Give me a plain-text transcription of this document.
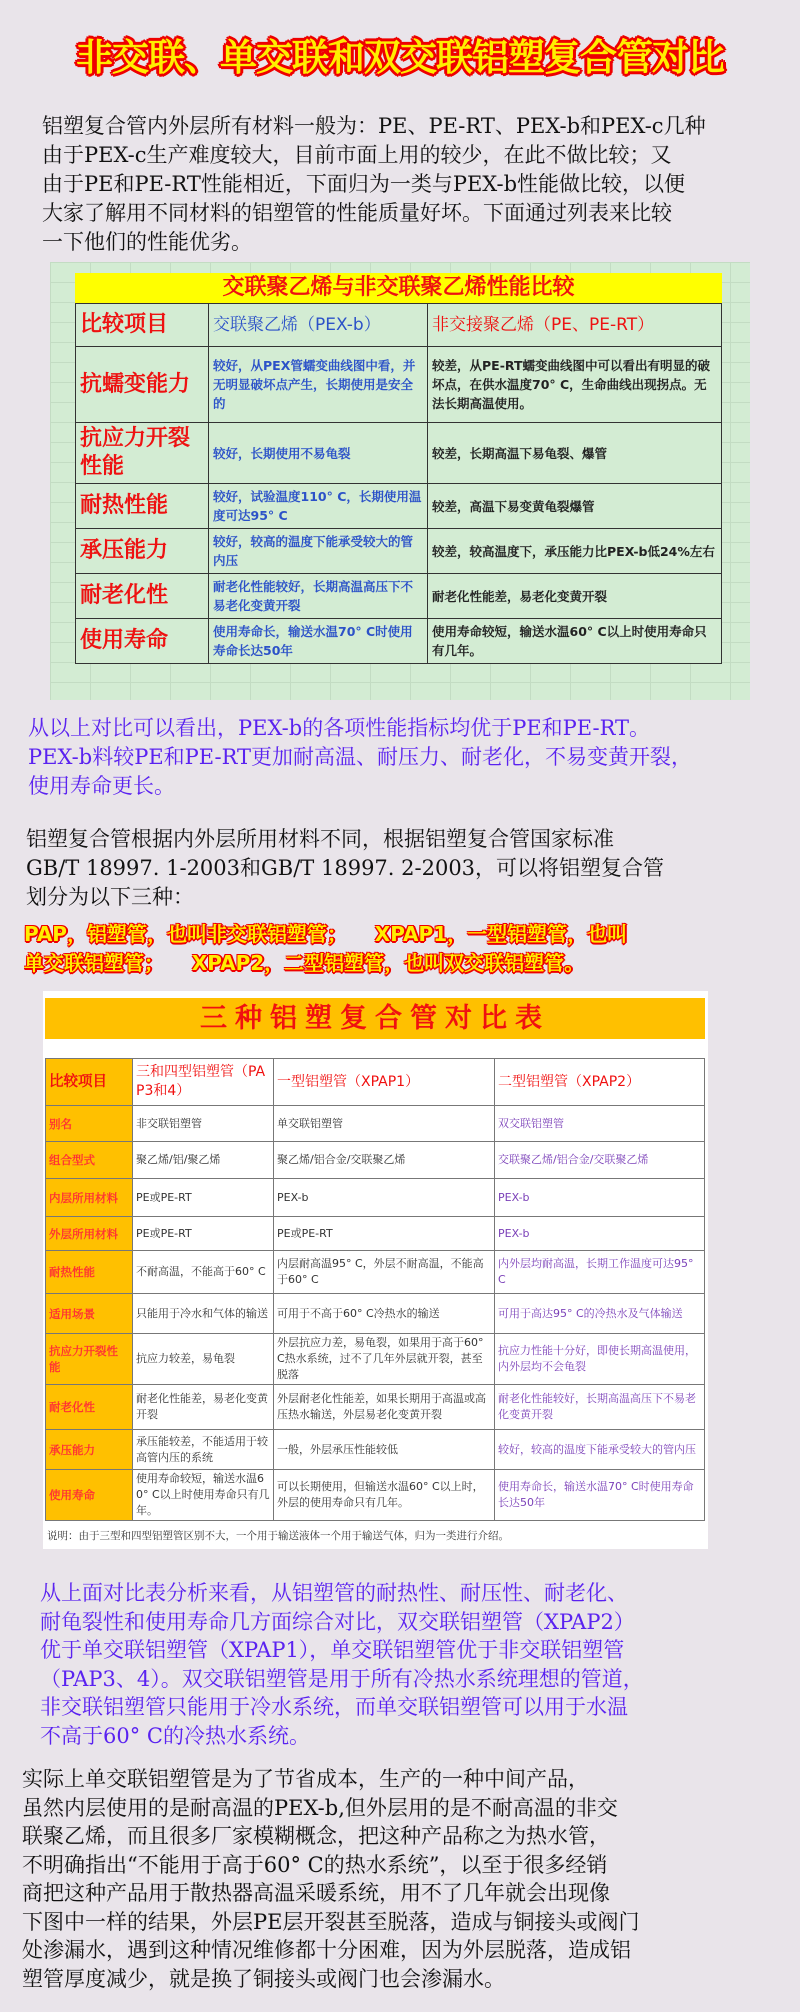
非交联、单交联和双交联铝塑复合管对比
铝塑复合管内外层所有材料一般为：PE、PE-RT、PEX-b和PEX-c几种
由于PEX-c生产难度较大，目前市面上用的较少，在此不做比较；又
由于PE和PE-RT性能相近，下面归为一类与PEX-b性能做比较，以便
大家了解用不同材料的铝塑管的性能质量好坏。下面通过列表来比较
一下他们的性能优劣。
交联聚乙烯与非交联聚乙烯性能比较
比较项目	交联聚乙烯（PEX-b）	非交接聚乙烯（PE、PE-RT）
抗蠕变能力	较好，从PEX管蠕变曲线图中看，并无明显破坏点产生，长期使用是安全的	较差，从PE-RT蠕变曲线图中可以看出有明显的破坏点，在供水温度70° C，生命曲线出现拐点。无法长期高温使用。
抗应力开裂性能	较好，长期使用不易龟裂	较差，长期高温下易龟裂、爆管
耐热性能	较好，试验温度110° C，长期使用温度可达95° C	较差，高温下易变黄龟裂爆管
承压能力	较好，较高的温度下能承受较大的管内压	较差，较高温度下，承压能力比PEX-b低24%左右
耐老化性	耐老化性能较好，长期高温高压下不易老化变黄开裂	耐老化性能差，易老化变黄开裂
使用寿命	使用寿命长，输送水温70° C时使用寿命长达50年	使用寿命较短，输送水温60° C以上时使用寿命只有几年。
从以上对比可以看出，PEX-b的各项性能指标均优于PE和PE-RT。
PEX-b料较PE和PE-RT更加耐高温、耐压力、耐老化，不易变黄开裂，
使用寿命更长。
铝塑复合管根据内外层所用材料不同，根据铝塑复合管国家标准
GB/T 18997. 1-2003和GB/T 18997. 2-2003，可以将铝塑复合管
划分为以下三种：
PAP，铝塑管，也叫非交联铝塑管；    XPAP1，一型铝塑管，也叫
单交联铝塑管；    XPAP2，二型铝塑管，也叫双交联铝塑管。
三种铝塑复合管对比表
比较项目	三和四型铝塑管（PAP3和4）	一型铝塑管（XPAP1）	二型铝塑管（XPAP2）
别名	非交联铝塑管	单交联铝塑管	双交联铝塑管
组合型式	聚乙烯/铝/聚乙烯	聚乙烯/铝合金/交联聚乙烯	交联聚乙烯/铝合金/交联聚乙烯
内层所用材料	PE或PE-RT	PEX-b	PEX-b
外层所用材料	PE或PE-RT	PE或PE-RT	PEX-b
耐热性能	不耐高温，不能高于60° C	内层耐高温95° C，外层不耐高温，不能高于60° C	内外层均耐高温，长期工作温度可达95° C
适用场景	只能用于冷水和气体的输送	可用于不高于60° C冷热水的输送	可用于高达95° C的冷热水及气体输送
抗应力开裂性能	抗应力较差，易龟裂	外层抗应力差，易龟裂，如果用于高于60° C热水系统，过不了几年外层就开裂，甚至脱落	抗应力性能十分好，即使长期高温使用，内外层均不会龟裂
耐老化性	耐老化性能差，易老化变黄开裂	外层耐老化性能差，如果长期用于高温或高压热水输送，外层易老化变黄开裂	耐老化性能较好，长期高温高压下不易老化变黄开裂
承压能力	承压能较差，不能适用于较高管内压的系统	一般，外层承压性能较低	较好，较高的温度下能承受较大的管内压
使用寿命	使用寿命较短，输送水温60° C以上时使用寿命只有几年。	可以长期使用，但输送水温60° C以上时，外层的使用寿命只有几年。	使用寿命长，输送水温70° C时使用寿命长达50年
说明：由于三型和四型铝塑管区别不大，一个用于输送液体一个用于输送气体，归为一类进行介绍。
从上面对比表分析来看，从铝塑管的耐热性、耐压性、耐老化、
耐龟裂性和使用寿命几方面综合对比，双交联铝塑管（XPAP2）
优于单交联铝塑管（XPAP1），单交联铝塑管优于非交联铝塑管
（PAP3、4）。双交联铝塑管是用于所有冷热水系统理想的管道，
非交联铝塑管只能用于冷水系统，而单交联铝塑管可以用于水温
不高于60° C的冷热水系统。
实际上单交联铝塑管是为了节省成本，生产的一种中间产品，
虽然内层使用的是耐高温的PEX-b,但外层用的是不耐高温的非交
联聚乙烯，而且很多厂家模糊概念，把这种产品称之为热水管，
不明确指出“不能用于高于60° C的热水系统”，以至于很多经销
商把这种产品用于散热器高温采暖系统，用不了几年就会出现像
下图中一样的结果，外层PE层开裂甚至脱落，造成与铜接头或阀门
处渗漏水，遇到这种情况维修都十分困难，因为外层脱落，造成铝
塑管厚度减少，就是换了铜接头或阀门也会渗漏水。
